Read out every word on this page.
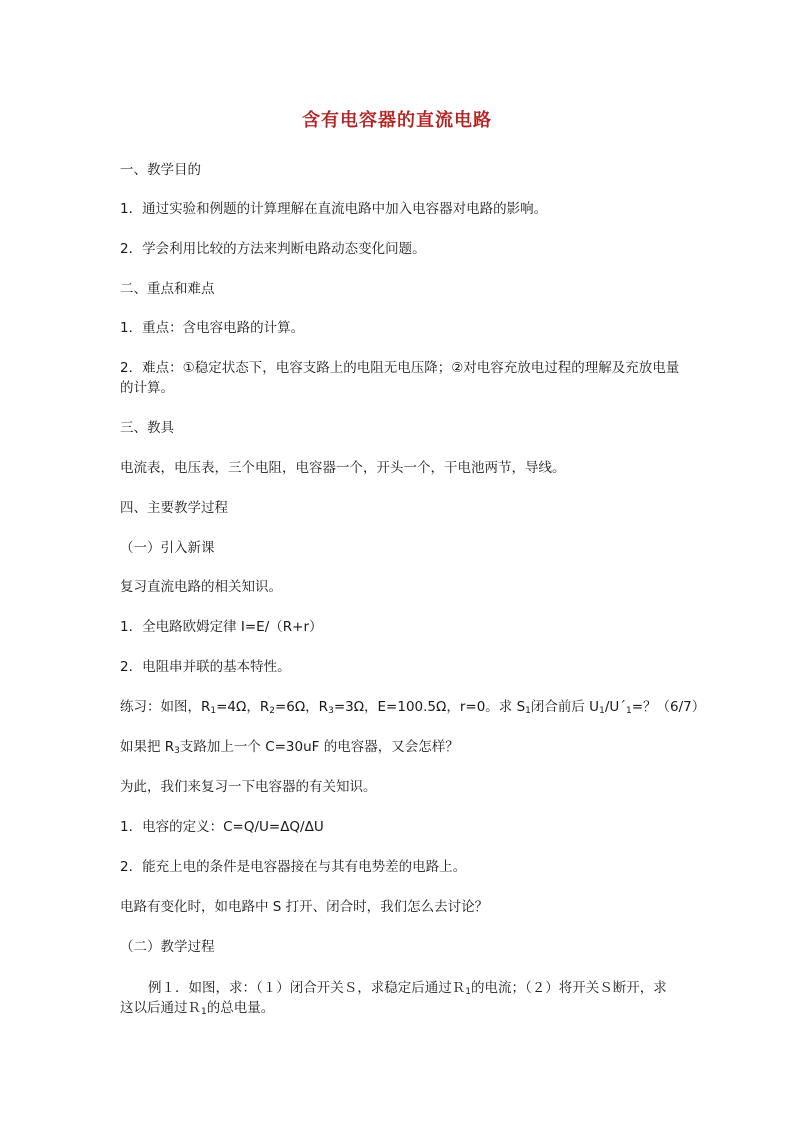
含有电容器的直流电路

一、教学目的

1．通过实验和例题的计算理解在直流电路中加入电容器对电路的影响。

2．学会利用比较的方法来判断电路动态变化问题。

二、重点和难点

1．重点：含电容电路的计算。

2．难点：①稳定状态下，电容支路上的电阻无电压降；②对电容充放电过程的理解及充放电量的计算。

三、教具

电流表，电压表，三个电阻，电容器一个，开头一个，干电池两节，导线。

四、主要教学过程

（一）引入新课

复习直流电路的相关知识。

1．全电路欧姆定律 I=E/（R+r）

2．电阻串并联的基本特性。

练习：如图，$R_1=4\Omega$，$R_2=6\Omega$，$R_3=3\Omega$，E=100.5Ω，r=0。求 $S_1$闭合前后 $U_1/U´_1=$？（6/7）

如果把 $R_3$支路加上一个 C=30uF 的电容器，又会怎样？

为此，我们来复习一下电容器的有关知识。

1．电容的定义：C=Q/U=ΔQ/ΔU

2．能充上电的条件是电容器接在与其有电势差的电路上。

电路有变化时，如电路中 S 打开、闭合时，我们怎么去讨论？

（二）教学过程

例１．如图，求：（１）闭合开关Ｓ，求稳定后通过Ｒ$_1$的电流；（２）将开关Ｓ断开，求这以后通过Ｒ$_1$的总电量。
